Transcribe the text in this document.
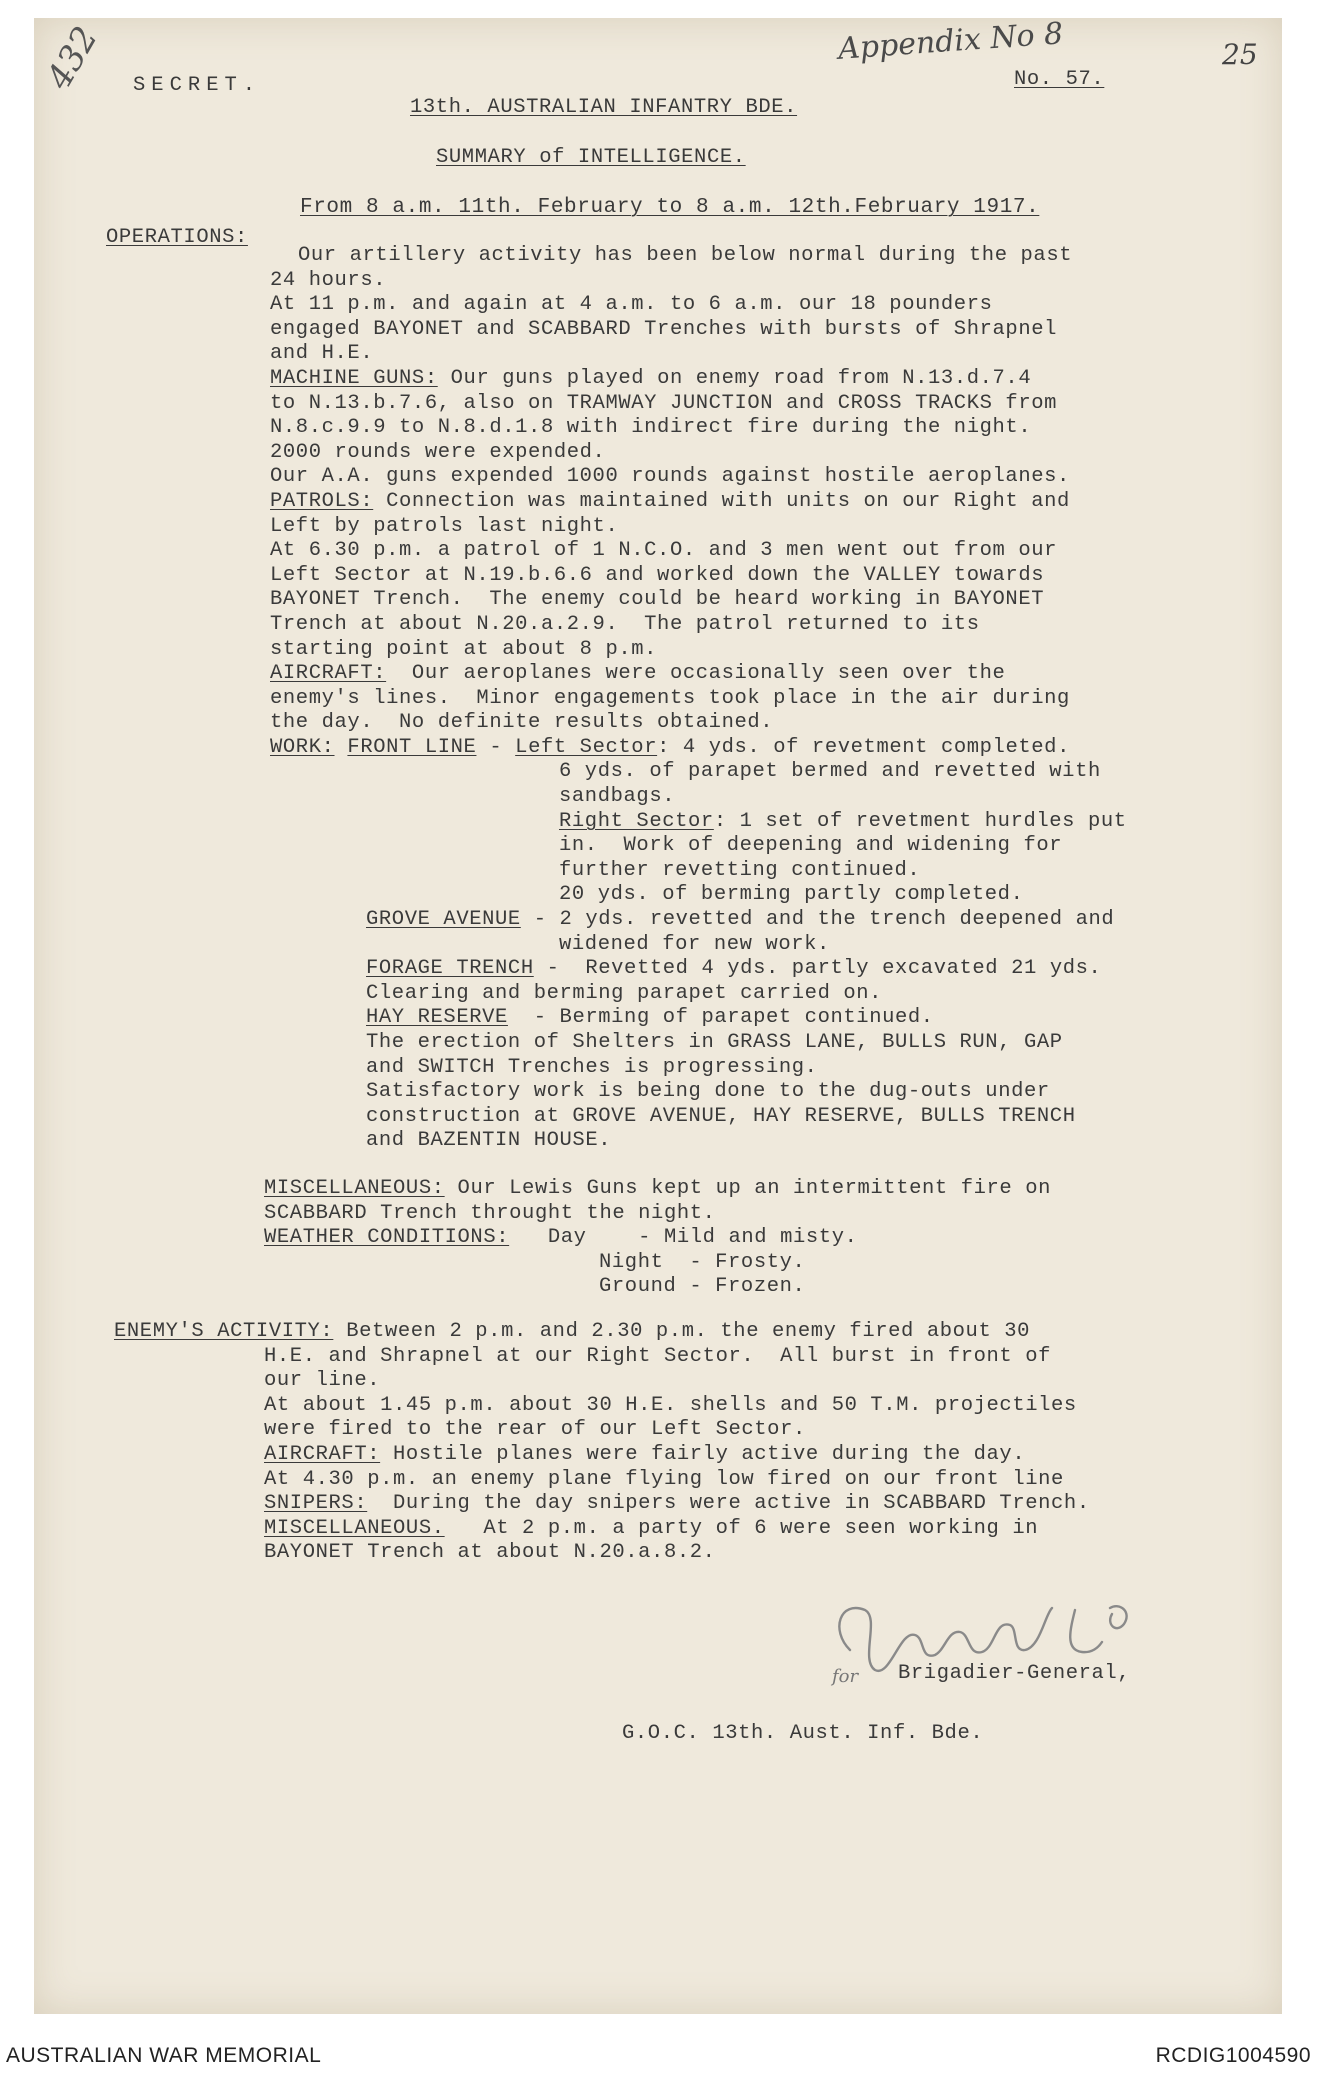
432	Appendix No 8	25
SECRET.
13th. AUSTRALIAN INFANTRY BDE.
No. 57.
SUMMARY of INTELLIGENCE.
From 8 a.m. 11th. February to 8 a.m. 12th.February 1917.
OPERATIONS:
Our artillery activity has been below normal during the past
24 hours.
At 11 p.m. and again at 4 a.m. to 6 a.m. our 18 pounders
engaged BAYONET and SCABBARD Trenches with bursts of Shrapnel
and H.E.
MACHINE GUNS: Our guns played on enemy road from N.13.d.7.4
to N.13.b.7.6, also on TRAMWAY JUNCTION and CROSS TRACKS from
N.8.c.9.9 to N.8.d.1.8 with indirect fire during the night.
2000 rounds were expended.
Our A.A. guns expended 1000 rounds against hostile aeroplanes.
PATROLS: Connection was maintained with units on our Right and
Left by patrols last night.
At 6.30 p.m. a patrol of 1 N.C.O. and 3 men went out from our
Left Sector at N.19.b.6.6 and worked down the VALLEY towards
BAYONET Trench.  The enemy could be heard working in BAYONET
Trench at about N.20.a.2.9.  The patrol returned to its
starting point at about 8 p.m.
AIRCRAFT:  Our aeroplanes were occasionally seen over the
enemy's lines.  Minor engagements took place in the air during
the day.  No definite results obtained.
WORK: FRONT LINE - Left Sector: 4 yds. of revetment completed.
6 yds. of parapet bermed and revetted with
sandbags.
Right Sector: 1 set of revetment hurdles put
in.  Work of deepening and widening for
further revetting continued.
20 yds. of berming partly completed.
GROVE AVENUE - 2 yds. revetted and the trench deepened and
widened for new work.
FORAGE TRENCH -  Revetted 4 yds. partly excavated 21 yds.
Clearing and berming parapet carried on.
HAY RESERVE  - Berming of parapet continued.
The erection of Shelters in GRASS LANE, BULLS RUN, GAP
and SWITCH Trenches is progressing.
Satisfactory work is being done to the dug-outs under
construction at GROVE AVENUE, HAY RESERVE, BULLS TRENCH
and BAZENTIN HOUSE.
MISCELLANEOUS: Our Lewis Guns kept up an intermittent fire on
SCABBARD Trench throught the night.
WEATHER CONDITIONS: Day    - Mild and misty.
Night  - Frosty.
Ground - Frozen.
ENEMY'S ACTIVITY: Between 2 p.m. and 2.30 p.m. the enemy fired about 30
H.E. and Shrapnel at our Right Sector.  All burst in front of
our line.
At about 1.45 p.m. about 30 H.E. shells and 50 T.M. projectiles
were fired to the rear of our Left Sector.
AIRCRAFT: Hostile planes were fairly active during the day.
At 4.30 p.m. an enemy plane flying low fired on our front line
SNIPERS:  During the day snipers were active in SCABBARD Trench.
MISCELLANEOUS.   At 2 p.m. a party of 6 were seen working in
BAYONET Trench at about N.20.a.8.2.
for Brigadier-General,
G.O.C. 13th. Aust. Inf. Bde.
AUSTRALIAN WAR MEMORIAL	RCDIG1004590
